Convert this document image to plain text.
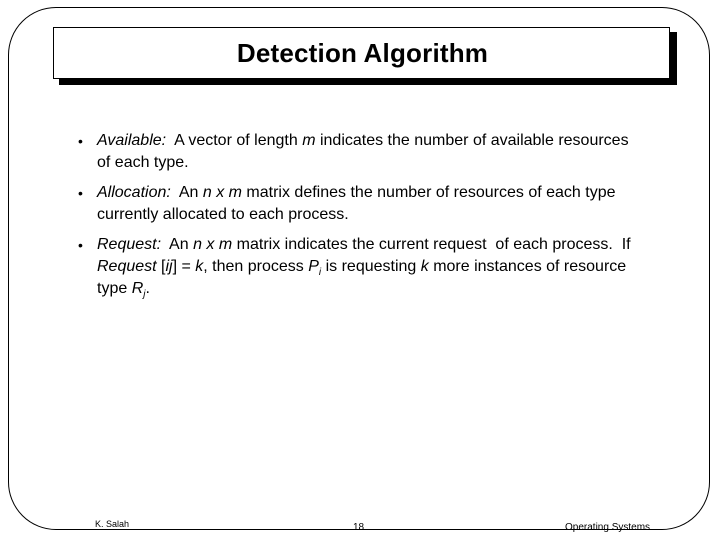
Detection Algorithm
• Available:  A vector of length m indicates the number of available resources of each type.
• Allocation:  An n x m matrix defines the number of resources of each type currently allocated to each process.
• Request:  An n x m matrix indicates the current request  of each process.  If Request [ij] = k, then process $P_i$ is requesting k more instances of resource type $R_j$.
K. Salah	18	Operating Systems
